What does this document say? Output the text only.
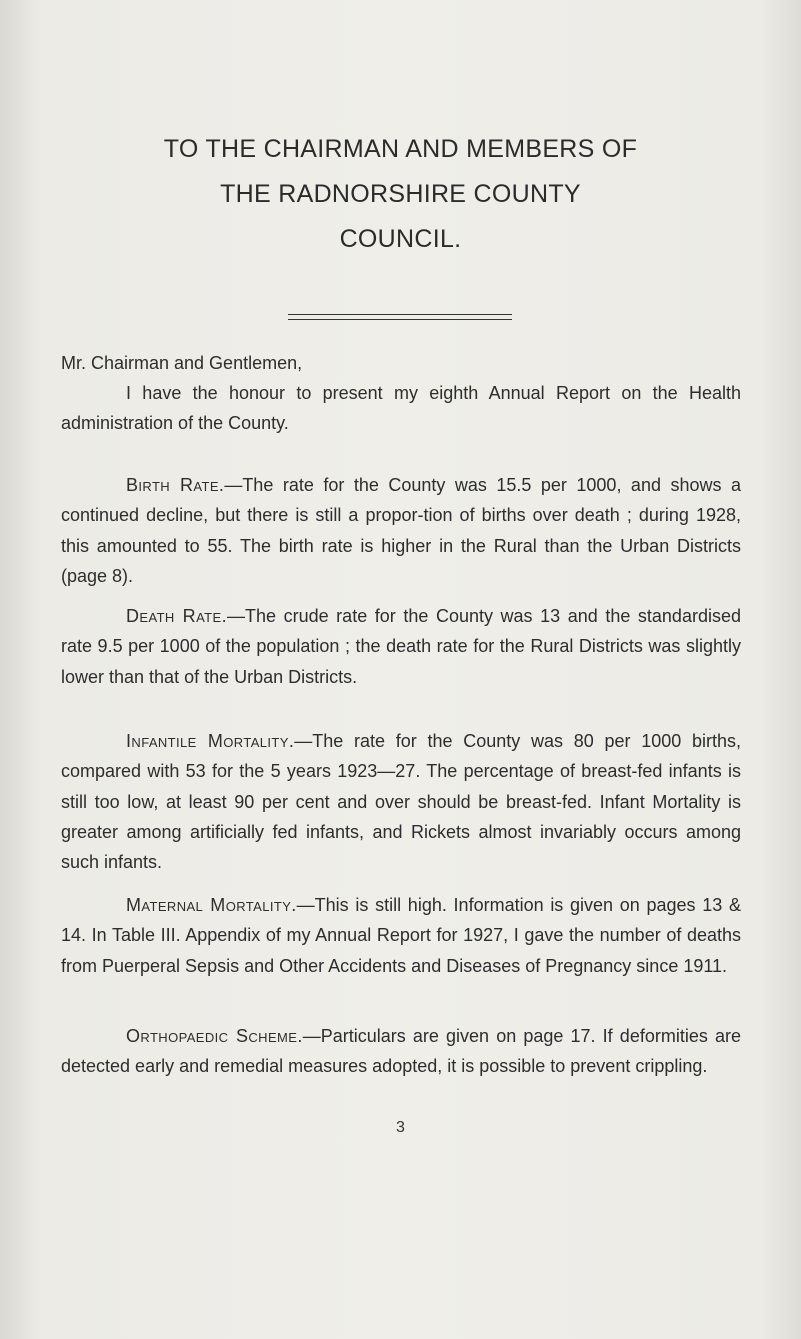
TO THE CHAIRMAN AND MEMBERS OF
THE RADNORSHIRE COUNTY
COUNCIL.
Mr. Chairman and Gentlemen,

I have the honour to present my eighth Annual Report on the Health administration of the County.

Birth Rate.—The rate for the County was 15.5 per 1000, and shows a continued decline, but there is still a propor-tion of births over death ; during 1928, this amounted to 55. The birth rate is higher in the Rural than the Urban Districts (page 8).

Death Rate.—The crude rate for the County was 13 and the standardised rate 9.5 per 1000 of the population ; the death rate for the Rural Districts was slightly lower than that of the Urban Districts.

Infantile Mortality.—The rate for the County was 80 per 1000 births, compared with 53 for the 5 years 1923—27. The percentage of breast-fed infants is still too low, at least 90 per cent and over should be breast-fed. Infant Mortality is greater among artificially fed infants, and Rickets almost invariably occurs among such infants.

Maternal Mortality.—This is still high. Information is given on pages 13 & 14. In Table III. Appendix of my Annual Report for 1927, I gave the number of deaths from Puerperal Sepsis and Other Accidents and Diseases of Pregnancy since 1911.

Orthopaedic Scheme.—Particulars are given on page 17. If deformities are detected early and remedial measures adopted, it is possible to prevent crippling.

3
